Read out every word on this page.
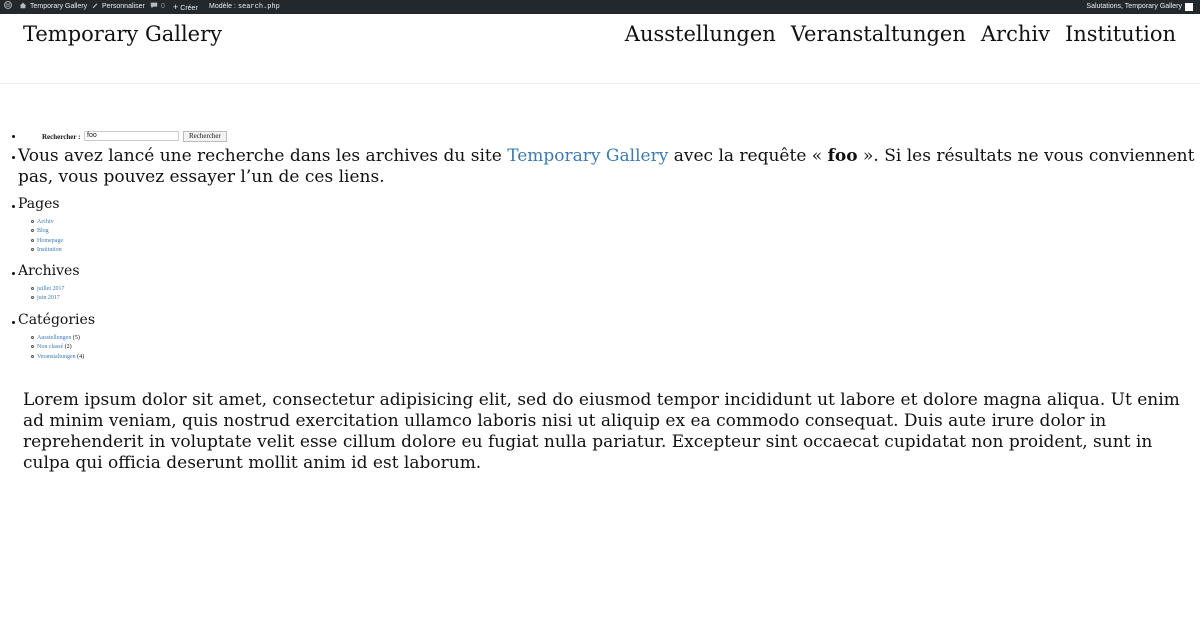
W	Temporary Gallery	Personnaliser	0 + Créer Modèle : search.php	Salutations, Temporary Gallery
Temporary Gallery	Ausstellungen Veranstaltungen Archiv Institution
Rechercher : foo	Rechercher
Vous avez lancé une recherche dans les archives du site Temporary Gallery avec la requête « foo ». Si les résultats ne vous conviennent pas, vous pouvez essayer l’un de ces liens.
Pages
Archiv
Blog
Homepage
Institution
Archives
juillet 2017
juin 2017
Catégories
Ausstellungen (5)
Non classé (2)
Veranstaltungen (4)
Lorem ipsum dolor sit amet, consectetur adipisicing elit, sed do eiusmod tempor incididunt ut labore et dolore magna aliqua. Ut enim ad minim veniam, quis nostrud exercitation ullamco laboris nisi ut aliquip ex ea commodo consequat. Duis aute irure dolor in reprehenderit in voluptate velit esse cillum dolore eu fugiat nulla pariatur. Excepteur sint occaecat cupidatat non proident, sunt in culpa qui officia deserunt mollit anim id est laborum.
